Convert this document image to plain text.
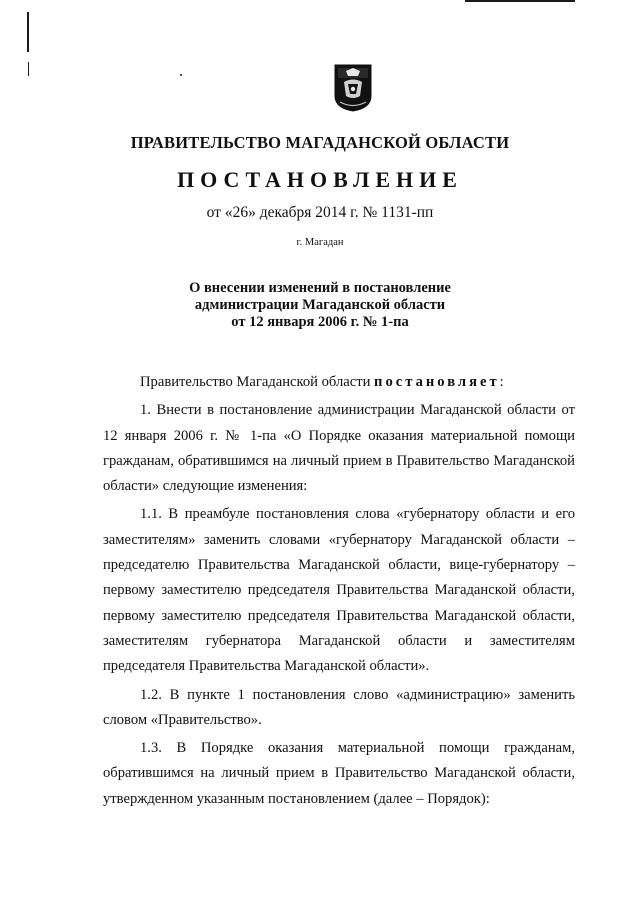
ПРАВИТЕЛЬСТВО МАГАДАНСКОЙ ОБЛАСТИ
ПОСТАНОВЛЕНИЕ
от «26» декабря 2014 г. № 1131-пп
г. Магадан
О внесении изменений в постановление
администрации Магаданской области
от 12 января 2006 г. № 1-па

Правительство Магаданской области постановляет:

1. Внести в постановление администрации Магаданской области от 12 января 2006 г. № 1-па «О Порядке оказания материальной помощи гражданам, обратившимся на личный прием в Правительство Магаданской области» следующие изменения:

1.1. В преамбуле постановления слова «губернатору области и его заместителям» заменить словами «губернатору Магаданской области – председателю Правительства Магаданской области, вице-губернатору – первому заместителю председателя Правительства Магаданской области, первому заместителю председателя Правительства Магаданской области, заместителям губернатора Магаданской области и заместителям председателя Правительства Магаданской области».

1.2. В пункте 1 постановления слово «администрацию» заменить словом «Правительство».

1.3. В Порядке оказания материальной помощи гражданам, обратившимся на личный прием в Правительство Магаданской области, утвержденном указанным постановлением (далее – Порядок):
